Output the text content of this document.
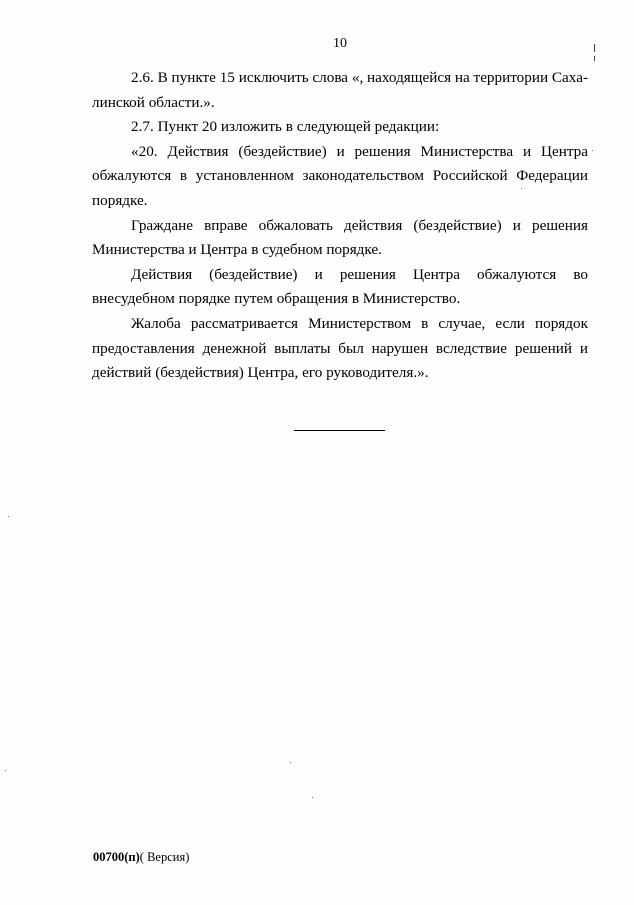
10

2.6. В пункте 15 исключить слова «, находящейся на территории Сахалинской области.».

2.7. Пункт 20 изложить в следующей редакции:

«20. Действия (бездействие) и решения Министерства и Центра обжалуются в установленном законодательством Российской Федерации порядке.

Граждане вправе обжаловать действия (бездействие) и решения Министерства и Центра в судебном порядке.

Действия (бездействие) и решения Центра обжалуются во внесудебном порядке путем обращения в Министерство.

Жалоба рассматривается Министерством в случае, если порядок предоставления денежной выплаты был нарушен вследствие решений и действий (бездействия) Центра, его руководителя.».

00700(п)( Версия)
